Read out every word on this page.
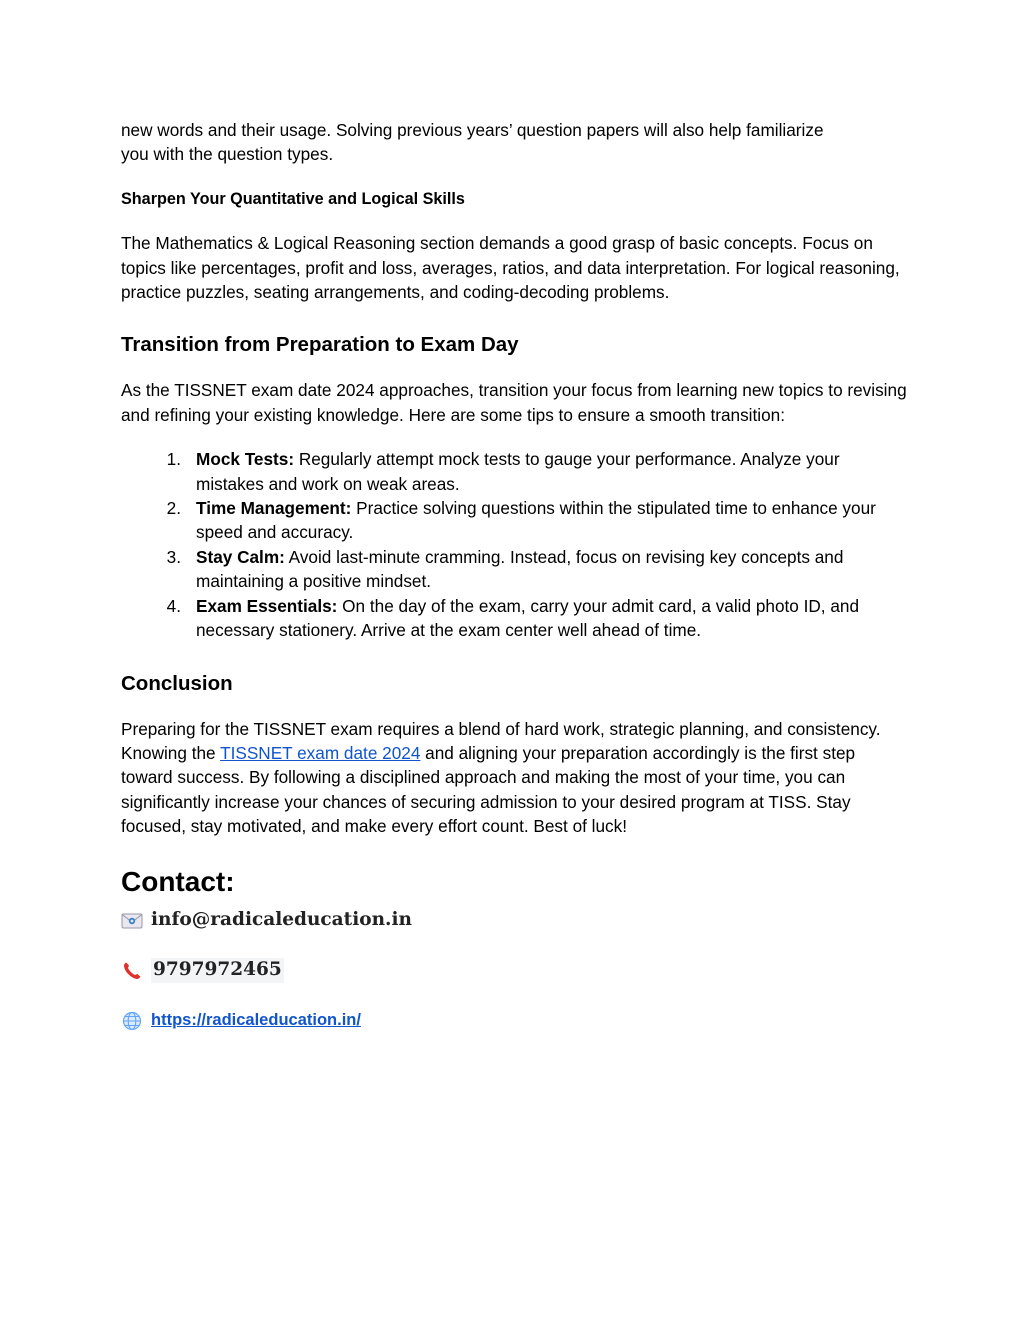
new words and their usage. Solving previous years’ question papers will also help familiarize
you with the question types.

Sharpen Your Quantitative and Logical Skills

The Mathematics & Logical Reasoning section demands a good grasp of basic concepts. Focus on topics like percentages, profit and loss, averages, ratios, and data interpretation. For logical reasoning, practice puzzles, seating arrangements, and coding-decoding problems.

Transition from Preparation to Exam Day

As the TISSNET exam date 2024 approaches, transition your focus from learning new topics to revising and refining your existing knowledge. Here are some tips to ensure a smooth transition:

1. Mock Tests: Regularly attempt mock tests to gauge your performance. Analyze your mistakes and work on weak areas.
2. Time Management: Practice solving questions within the stipulated time to enhance your speed and accuracy.
3. Stay Calm: Avoid last-minute cramming. Instead, focus on revising key concepts and maintaining a positive mindset.
4. Exam Essentials: On the day of the exam, carry your admit card, a valid photo ID, and necessary stationery. Arrive at the exam center well ahead of time.

Conclusion

Preparing for the TISSNET exam requires a blend of hard work, strategic planning, and consistency. Knowing the TISSNET exam date 2024 and aligning your preparation accordingly is the first step toward success. By following a disciplined approach and making the most of your time, you can significantly increase your chances of securing admission to your desired program at TISS. Stay focused, stay motivated, and make every effort count. Best of luck!

Contact:

info@radicaleducation.in
9797972465
https://radicaleducation.in/
